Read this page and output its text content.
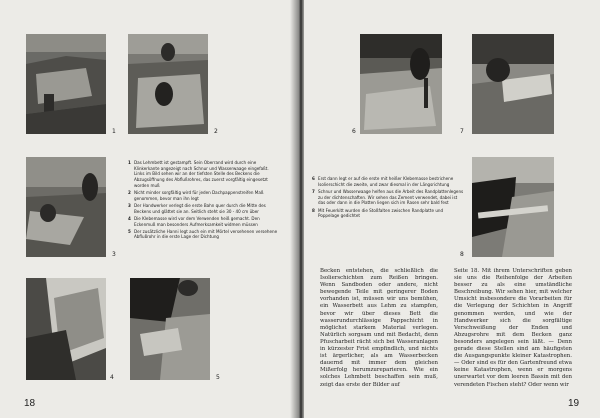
1	2
3
1 Das Lehmbett ist gestampft. Sein Oberrand wird durch eine Klinkerkante angezeigt nach Schnur und Wasserwaage eingefaßt. Links im Bild sehen wir an der tiefsten Stelle des Beckens die Abzugsöffnung des Abflußrohres, das zuerst vorgfältig eingesetzt worden muß
2 Nicht minder sorgfältig wird für jeden Dachpappenstreifen Maß genommen, bevor man ihn legt
3 Der Handwerker verlegt die erste Bahn quer durch die Mitte des Beckens und glättet sie an. Seitlich steht sie 30 - 40 cm über
4 Die Klebemasse wird vor dem Verwenden heiß gemacht. Den Eckenmuß man besonders Aufmerksamkeit widmen müssen
5 Der zusätzliche Hanni legt auch ein mit Mörtel versehenen versehene Abflußrohr in die erste Lage der Dichtung
4	5
18
6	7
6 Erst dann legt er auf die erste mit heißer Klebemasse bestrichene Isolierschicht die zweite, und zwar diesmal in der Längsrichtung
7 Schnur und Wasserwaage helfen aus die Arbeit des Randplattenlegens zu der dichtenschaften. Wir sehen das Zement verwendet, dabei ist das oder dann in die Platten liegen sich im Rasen sehr bald fest
8 Mit Feuerkitt wurden die Stoßfalten zwischen Randplatte und Poppelage gedichtet
8
Becken entstehen, die schließlich die Isolierschichten zum Reißen bringen. Wenn Sandboden oder andere, nicht bewegende Teile mit geringerer Boden vorhanden ist, müssen wir uns bemühen, ein Wasserbett aus Lehm zu stampfen, bevor wir über dieses Bett die wasserundurchlässige Pappschicht in möglichst starkem Material verlegen. Natürlich sorgsam und mit Bedacht, denn Pfuscharbeit rächt sich bei Wasseranlagen in kürzester Frist empfindlich, und nichts ist ärgerlicher, als am Wasserbecken dauernd mit immer dem gleichen Mißerfolg herumzureparieren. Wie ein solches Lehmbett beschaffen sein muß, zeigt das erste der Bilder auf
Seite 18. Mit ihrem Unterschriften geben sie uns die Reihenfolge der Arbeiten besser zu als eine umständliche Beschreibung. Wir sehen hier, mit welcher Umsicht insbesondere die Vorarbeiten für die Verlegung der Schichten in Angriff genommen werden, und wie der Handwerker sich die sorgfältige Verschweißung der Enden und Abzugsrohre mit dem Becken ganz besonders angelegen sein läßt. — Denn gerade diese Stellen sind am häufigsten die Ausgangspunkte kleiner Katastrophen. — Oder sind es für den Gartenfreund etwa keine Katastrophen, wenn er morgens unerwartet vor dem leeren Bassin mit den verendeten Fischen steht? Oder wenn wir
19
